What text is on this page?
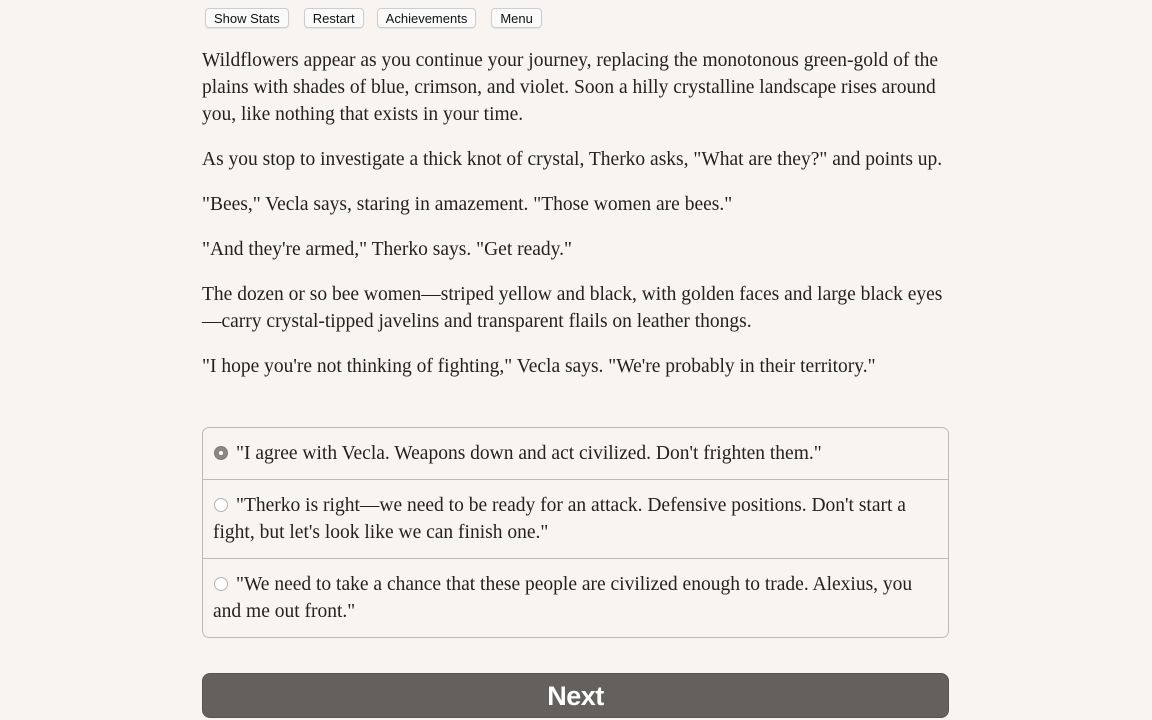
Show Stats	Restart	Achievements	Menu

Wildflowers appear as you continue your journey, replacing the monotonous green-gold of the plains with shades of blue, crimson, and violet. Soon a hilly crystalline landscape rises around you, like nothing that exists in your time.

As you stop to investigate a thick knot of crystal, Therko asks, "What are they?" and points up.

"Bees," Vecla says, staring in amazement. "Those women are bees."

"And they're armed," Therko says. "Get ready."

The dozen or so bee women—striped yellow and black, with golden faces and large black eyes—carry crystal-tipped javelins and transparent flails on leather thongs.

"I hope you're not thinking of fighting," Vecla says. "We're probably in their territory."

"I agree with Vecla. Weapons down and act civilized. Don't frighten them."
"Therko is right—we need to be ready for an attack. Defensive positions. Don't start a fight, but let's look like we can finish one."
"We need to take a chance that these people are civilized enough to trade. Alexius, you and me out front."
Next
